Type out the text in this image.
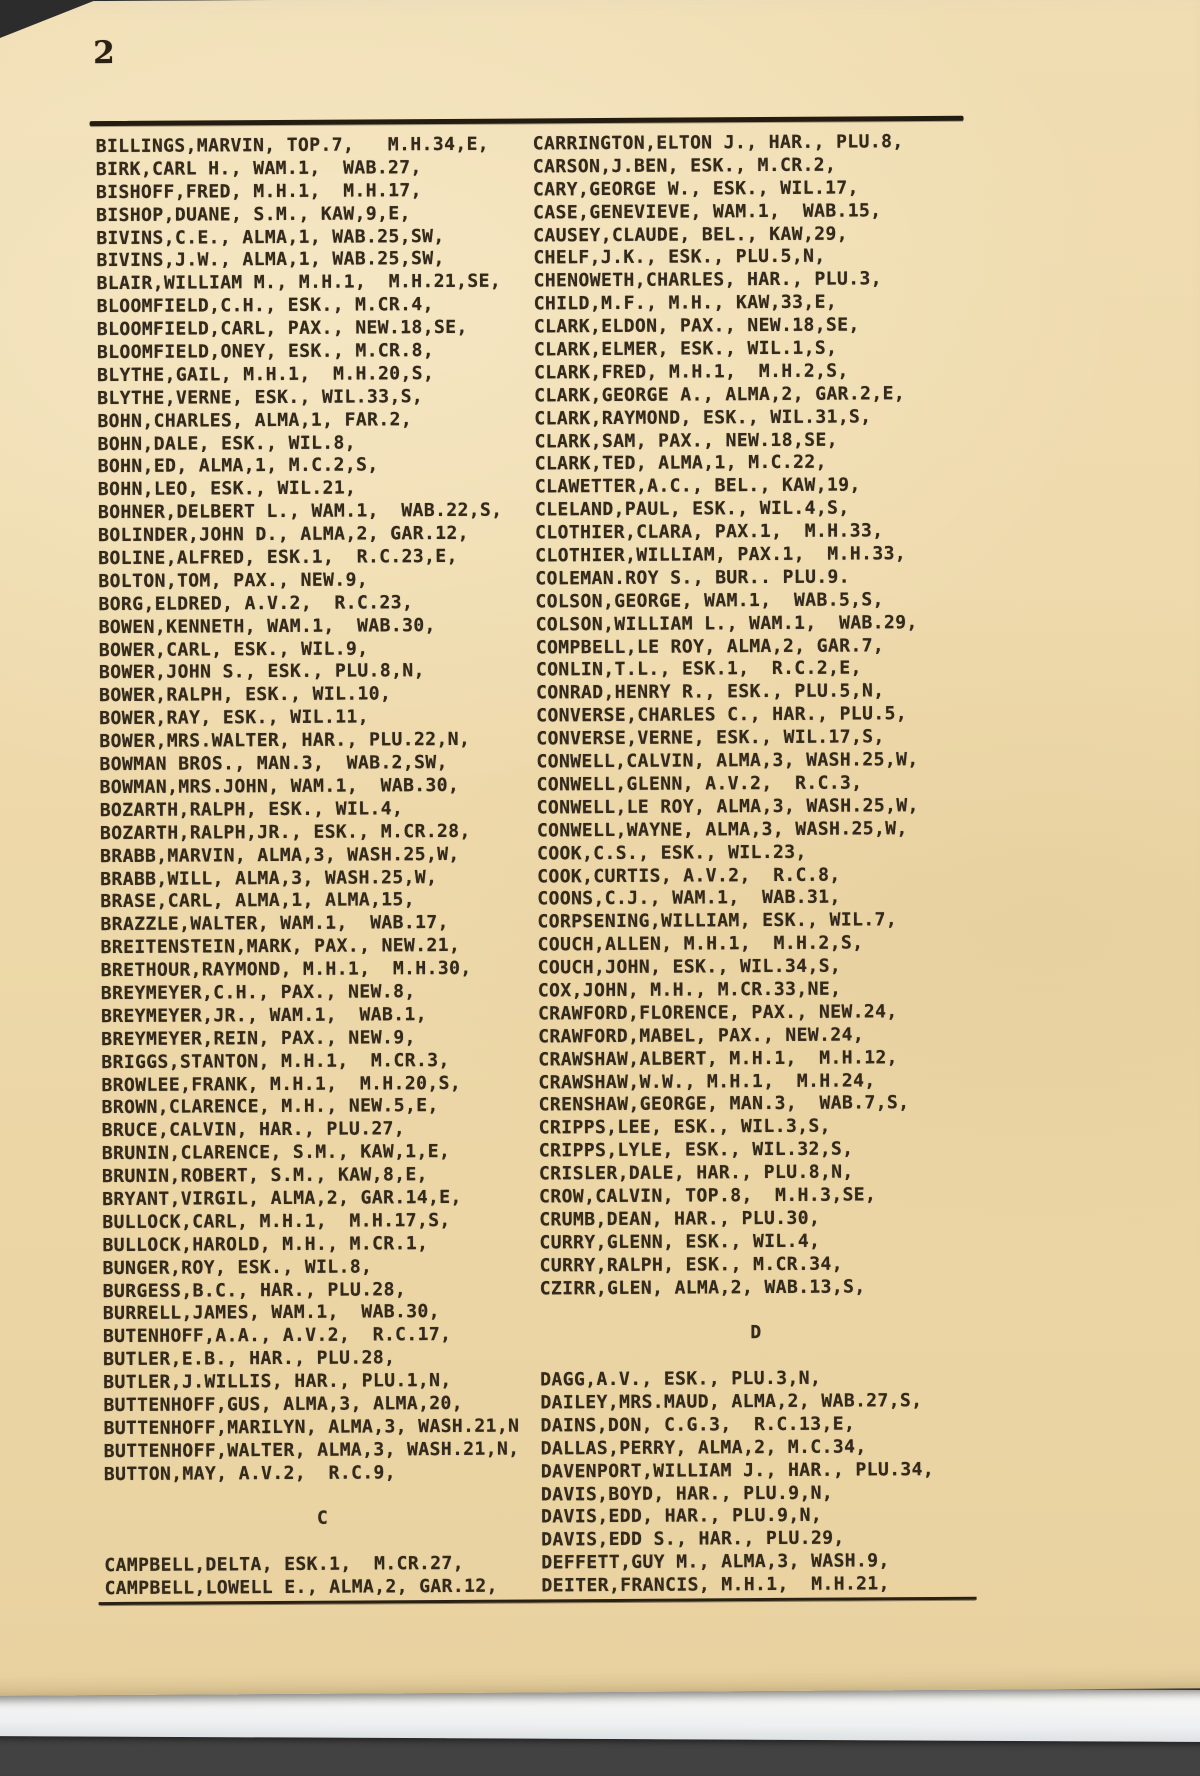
2
BILLINGS,MARVIN, TOP.7,   M.H.34,E,
BIRK,CARL H., WAM.1,  WAB.27,
BISHOFF,FRED, M.H.1,  M.H.17,
BISHOP,DUANE, S.M., KAW,9,E,
BIVINS,C.E., ALMA,1, WAB.25,SW,
BIVINS,J.W., ALMA,1, WAB.25,SW,
BLAIR,WILLIAM M., M.H.1,  M.H.21,SE,
BLOOMFIELD,C.H., ESK., M.CR.4,
BLOOMFIELD,CARL, PAX., NEW.18,SE,
BLOOMFIELD,ONEY, ESK., M.CR.8,
BLYTHE,GAIL, M.H.1,  M.H.20,S,
BLYTHE,VERNE, ESK., WIL.33,S,
BOHN,CHARLES, ALMA,1, FAR.2,
BOHN,DALE, ESK., WIL.8,
BOHN,ED, ALMA,1, M.C.2,S,
BOHN,LEO, ESK., WIL.21,
BOHNER,DELBERT L., WAM.1,  WAB.22,S,
BOLINDER,JOHN D., ALMA,2, GAR.12,
BOLINE,ALFRED, ESK.1,  R.C.23,E,
BOLTON,TOM, PAX., NEW.9,
BORG,ELDRED, A.V.2,  R.C.23,
BOWEN,KENNETH, WAM.1,  WAB.30,
BOWER,CARL, ESK., WIL.9,
BOWER,JOHN S., ESK., PLU.8,N,
BOWER,RALPH, ESK., WIL.10,
BOWER,RAY, ESK., WIL.11,
BOWER,MRS.WALTER, HAR., PLU.22,N,
BOWMAN BROS., MAN.3,  WAB.2,SW,
BOWMAN,MRS.JOHN, WAM.1,  WAB.30,
BOZARTH,RALPH, ESK., WIL.4,
BOZARTH,RALPH,JR., ESK., M.CR.28,
BRABB,MARVIN, ALMA,3, WASH.25,W,
BRABB,WILL, ALMA,3, WASH.25,W,
BRASE,CARL, ALMA,1, ALMA,15,
BRAZZLE,WALTER, WAM.1,  WAB.17,
BREITENSTEIN,MARK, PAX., NEW.21,
BRETHOUR,RAYMOND, M.H.1,  M.H.30,
BREYMEYER,C.H., PAX., NEW.8,
BREYMEYER,JR., WAM.1,  WAB.1,
BREYMEYER,REIN, PAX., NEW.9,
BRIGGS,STANTON, M.H.1,  M.CR.3,
BROWLEE,FRANK, M.H.1,  M.H.20,S,
BROWN,CLARENCE, M.H., NEW.5,E,
BRUCE,CALVIN, HAR., PLU.27,
BRUNIN,CLARENCE, S.M., KAW,1,E,
BRUNIN,ROBERT, S.M., KAW,8,E,
BRYANT,VIRGIL, ALMA,2, GAR.14,E,
BULLOCK,CARL, M.H.1,  M.H.17,S,
BULLOCK,HAROLD, M.H., M.CR.1,
BUNGER,ROY, ESK., WIL.8,
BURGESS,B.C., HAR., PLU.28,
BURRELL,JAMES, WAM.1,  WAB.30,
BUTENHOFF,A.A., A.V.2,  R.C.17,
BUTLER,E.B., HAR., PLU.28,
BUTLER,J.WILLIS, HAR., PLU.1,N,
BUTTENHOFF,GUS, ALMA,3, ALMA,20,
BUTTENHOFF,MARILYN, ALMA,3, WASH.21,N
BUTTENHOFF,WALTER, ALMA,3, WASH.21,N,
BUTTON,MAY, A.V.2,  R.C.9,

C

CAMPBELL,DELTA, ESK.1,  M.CR.27,
CAMPBELL,LOWELL E., ALMA,2, GAR.12,
CARRINGTON,ELTON J., HAR., PLU.8,
CARSON,J.BEN, ESK., M.CR.2,
CARY,GEORGE W., ESK., WIL.17,
CASE,GENEVIEVE, WAM.1,  WAB.15,
CAUSEY,CLAUDE, BEL., KAW,29,
CHELF,J.K., ESK., PLU.5,N,
CHENOWETH,CHARLES, HAR., PLU.3,
CHILD,M.F., M.H., KAW,33,E,
CLARK,ELDON, PAX., NEW.18,SE,
CLARK,ELMER, ESK., WIL.1,S,
CLARK,FRED, M.H.1,  M.H.2,S,
CLARK,GEORGE A., ALMA,2, GAR.2,E,
CLARK,RAYMOND, ESK., WIL.31,S,
CLARK,SAM, PAX., NEW.18,SE,
CLARK,TED, ALMA,1, M.C.22,
CLAWETTER,A.C., BEL., KAW,19,
CLELAND,PAUL, ESK., WIL.4,S,
CLOTHIER,CLARA, PAX.1,  M.H.33,
CLOTHIER,WILLIAM, PAX.1,  M.H.33,
COLEMAN.ROY S., BUR.. PLU.9.
COLSON,GEORGE, WAM.1,  WAB.5,S,
COLSON,WILLIAM L., WAM.1,  WAB.29,
COMPBELL,LE ROY, ALMA,2, GAR.7,
CONLIN,T.L., ESK.1,  R.C.2,E,
CONRAD,HENRY R., ESK., PLU.5,N,
CONVERSE,CHARLES C., HAR., PLU.5,
CONVERSE,VERNE, ESK., WIL.17,S,
CONWELL,CALVIN, ALMA,3, WASH.25,W,
CONWELL,GLENN, A.V.2,  R.C.3,
CONWELL,LE ROY, ALMA,3, WASH.25,W,
CONWELL,WAYNE, ALMA,3, WASH.25,W,
COOK,C.S., ESK., WIL.23,
COOK,CURTIS, A.V.2,  R.C.8,
COONS,C.J., WAM.1,  WAB.31,
CORPSENING,WILLIAM, ESK., WIL.7,
COUCH,ALLEN, M.H.1,  M.H.2,S,
COUCH,JOHN, ESK., WIL.34,S,
COX,JOHN, M.H., M.CR.33,NE,
CRAWFORD,FLORENCE, PAX., NEW.24,
CRAWFORD,MABEL, PAX., NEW.24,
CRAWSHAW,ALBERT, M.H.1,  M.H.12,
CRAWSHAW,W.W., M.H.1,  M.H.24,
CRENSHAW,GEORGE, MAN.3,  WAB.7,S,
CRIPPS,LEE, ESK., WIL.3,S,
CRIPPS,LYLE, ESK., WIL.32,S,
CRISLER,DALE, HAR., PLU.8,N,
CROW,CALVIN, TOP.8,  M.H.3,SE,
CRUMB,DEAN, HAR., PLU.30,
CURRY,GLENN, ESK., WIL.4,
CURRY,RALPH, ESK., M.CR.34,
CZIRR,GLEN, ALMA,2, WAB.13,S,

D

DAGG,A.V., ESK., PLU.3,N,
DAILEY,MRS.MAUD, ALMA,2, WAB.27,S,
DAINS,DON, C.G.3,  R.C.13,E,
DALLAS,PERRY, ALMA,2, M.C.34,
DAVENPORT,WILLIAM J., HAR., PLU.34,
DAVIS,BOYD, HAR., PLU.9,N,
DAVIS,EDD, HAR., PLU.9,N,
DAVIS,EDD S., HAR., PLU.29,
DEFFETT,GUY M., ALMA,3, WASH.9,
DEITER,FRANCIS, M.H.1,  M.H.21,
